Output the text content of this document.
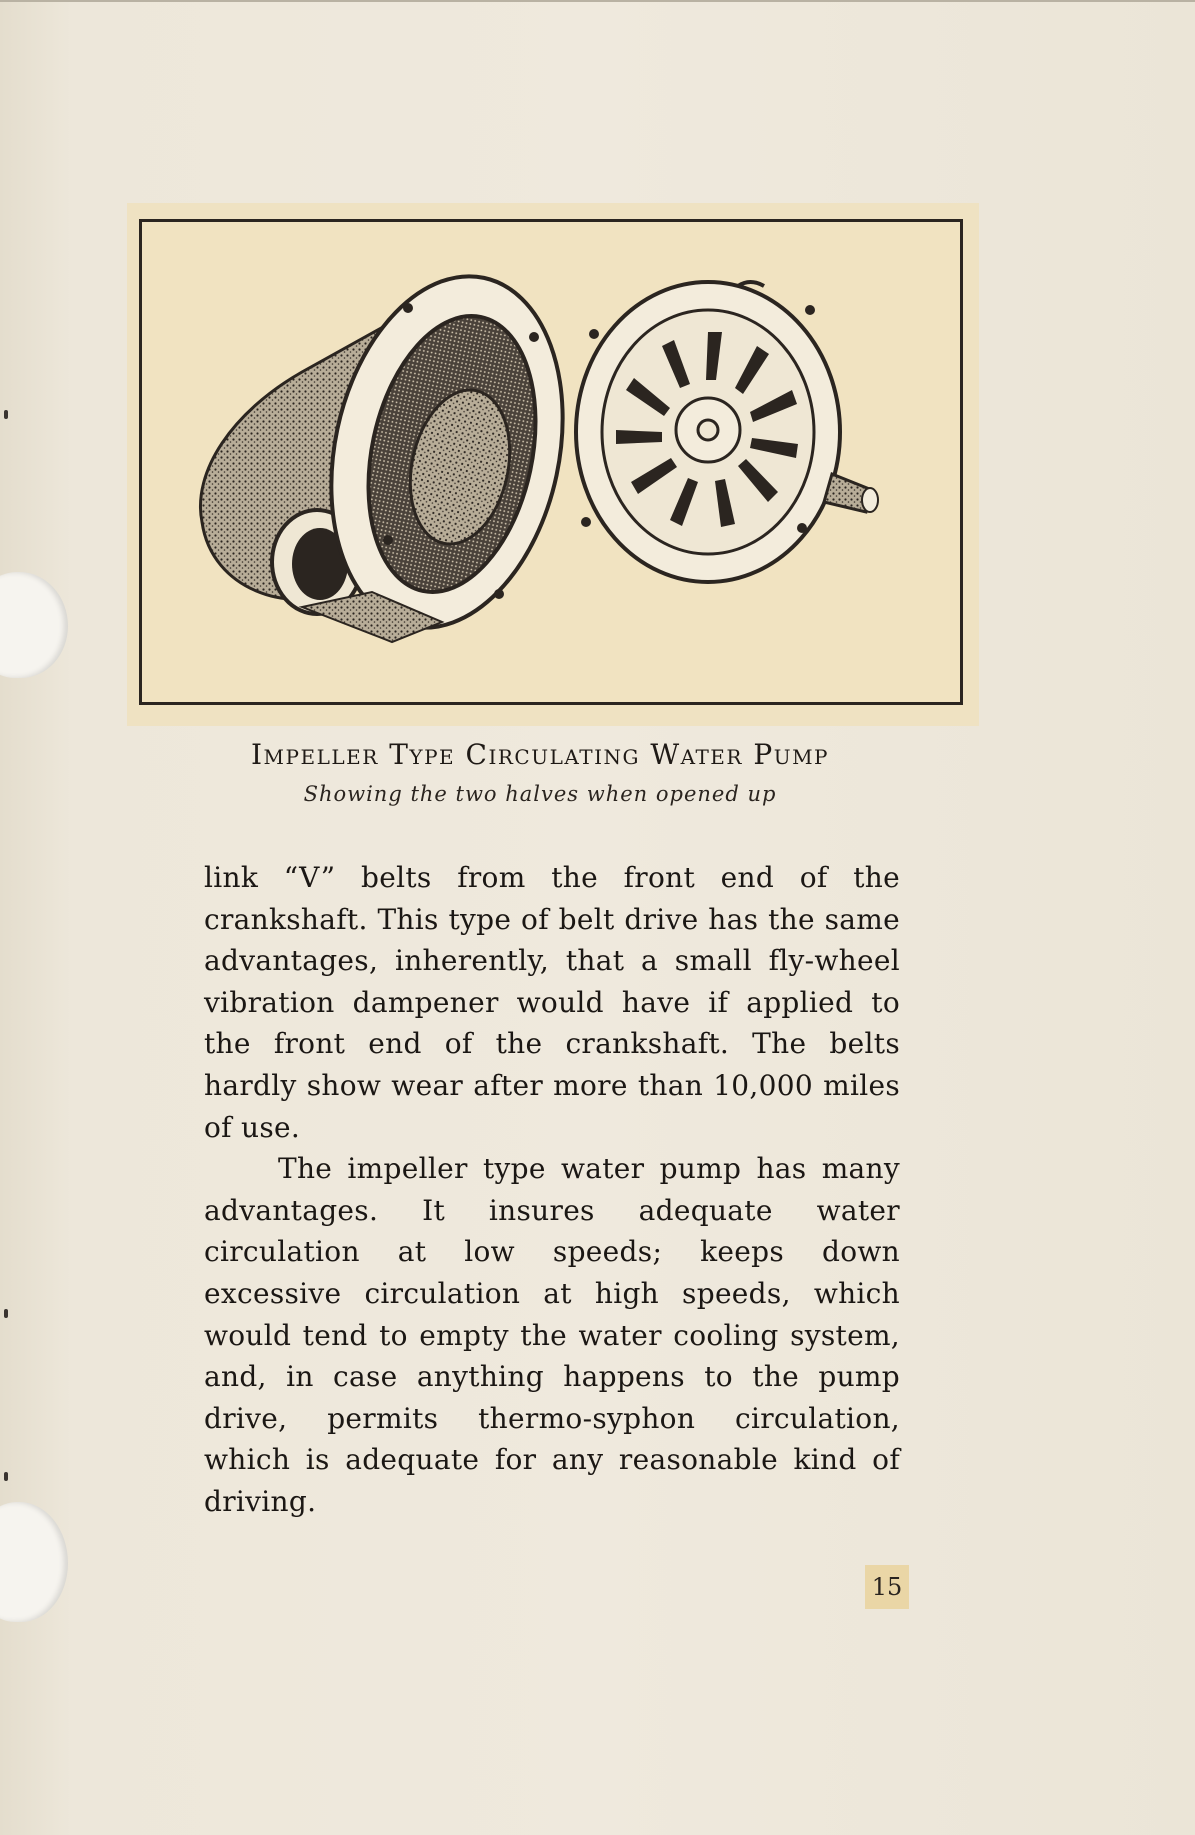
Impeller Type Circulating Water Pump
Showing the two halves when opened up

link “V” belts from the front end of the crankshaft. This type of belt drive has the same advantages, inherently, that a small fly-wheel vibration dampener would have if applied to the front end of the crankshaft. The belts hardly show wear after more than 10,000 miles of use.

The impeller type water pump has many advantages. It insures adequate water circulation at low speeds; keeps down excessive circulation at high speeds, which would tend to empty the water cooling system, and, in case anything happens to the pump drive, permits thermo-syphon circulation, which is adequate for any reasonable kind of driving.

15
